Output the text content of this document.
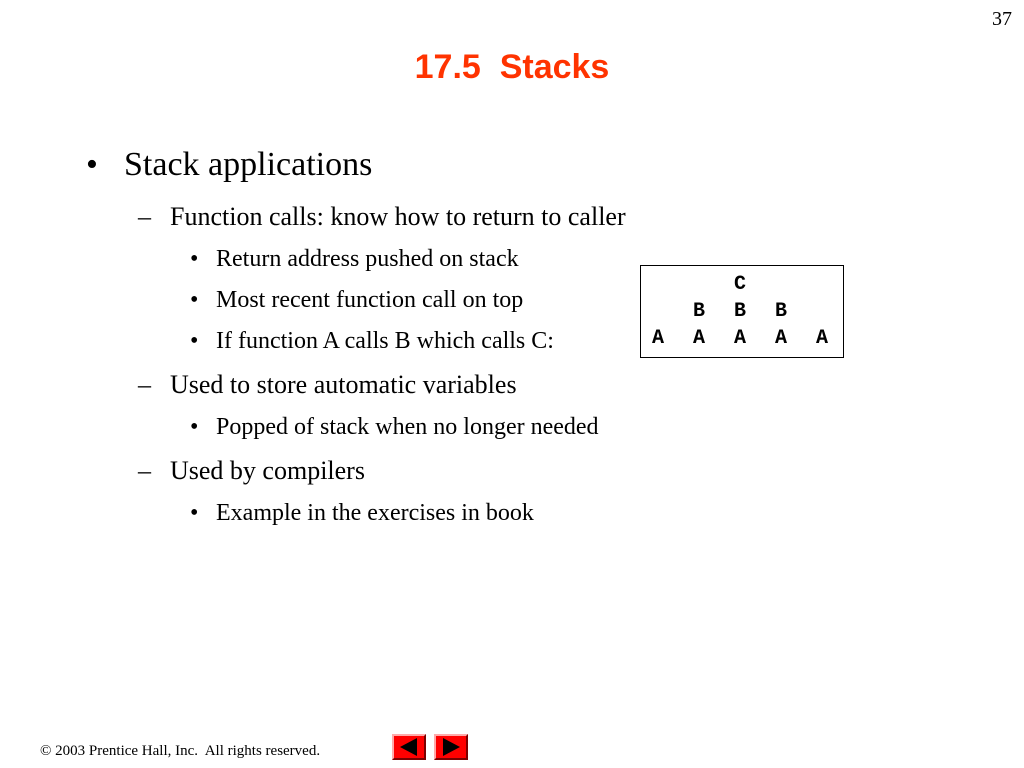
37
17.5  Stacks
• Stack applications
– Function calls: know how to return to caller
• Return address pushed on stack
• Most recent function call on top
• If function A calls B which calls C:
– Used to store automatic variables
• Popped of stack when no longer needed
– Used by compilers
• Example in the exercises in book
C
B B B
A A A A A
© 2003 Prentice Hall, Inc.  All rights reserved.
